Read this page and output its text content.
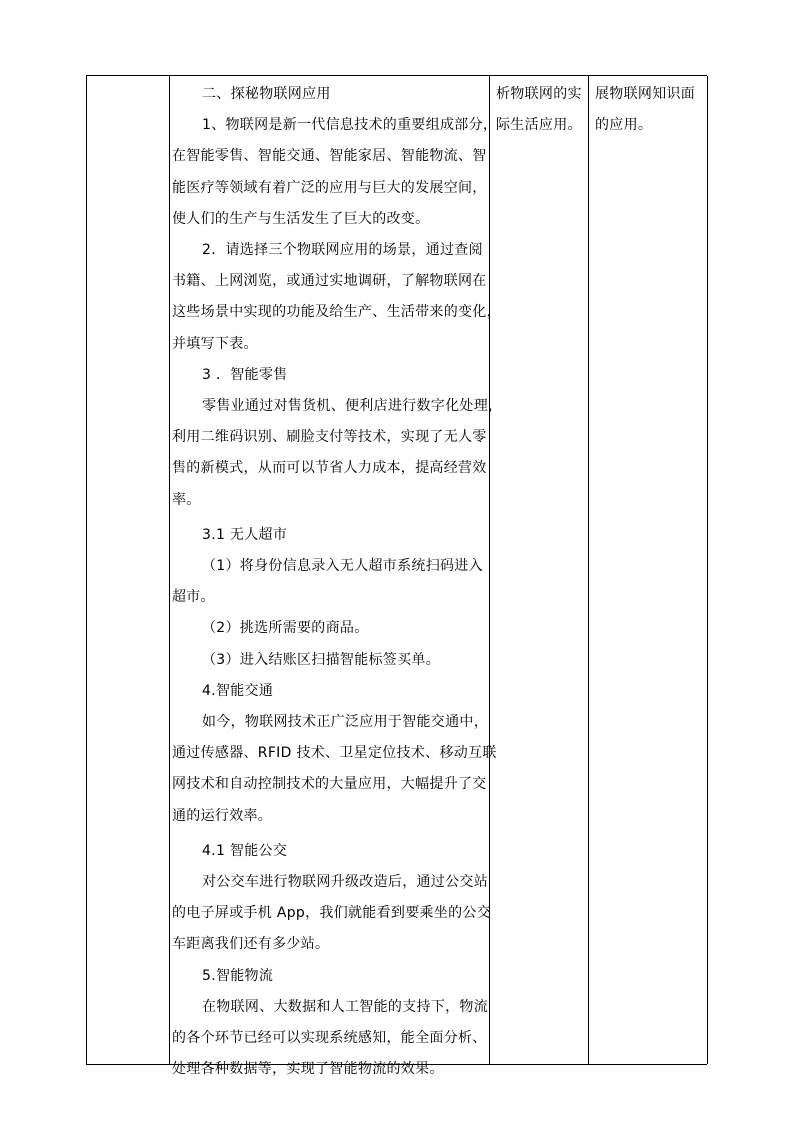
二、探秘物联网应用
1、物联网是新一代信息技术的重要组成部分，
在智能零售、智能交通、智能家居、智能物流、智
能医疗等领域有着广泛的应用与巨大的发展空间，
使人们的生产与生活发生了巨大的改变。
2．请选择三个物联网应用的场景，通过查阅
书籍、上网浏览，或通过实地调研，了解物联网在
这些场景中实现的功能及给生产、生活带来的变化，
并填写下表。
3 ．智能零售
零售业通过对售货机、便利店进行数字化处理，
利用二维码识别、刷脸支付等技术，实现了无人零
售的新模式，从而可以节省人力成本，提高经营效
率。
3.1 无人超市
（1）将身份信息录入无人超市系统扫码进入
超市。
（2）挑选所需要的商品。
（3）进入结账区扫描智能标签买单。
4.智能交通
如今，物联网技术正广泛应用于智能交通中，
通过传感器、RFID 技术、卫星定位技术、移动互联
网技术和自动控制技术的大量应用，大幅提升了交
通的运行效率。
4.1 智能公交
对公交车进行物联网升级改造后，通过公交站
的电子屏或手机 App，我们就能看到要乘坐的公交
车距离我们还有多少站。
5.智能物流
在物联网、大数据和人工智能的支持下，物流
的各个环节已经可以实现系统感知，能全面分析、
处理各种数据等，实现了智能物流的效果。
析物联网的实
际生活应用。
展物联网知识面
的应用。
